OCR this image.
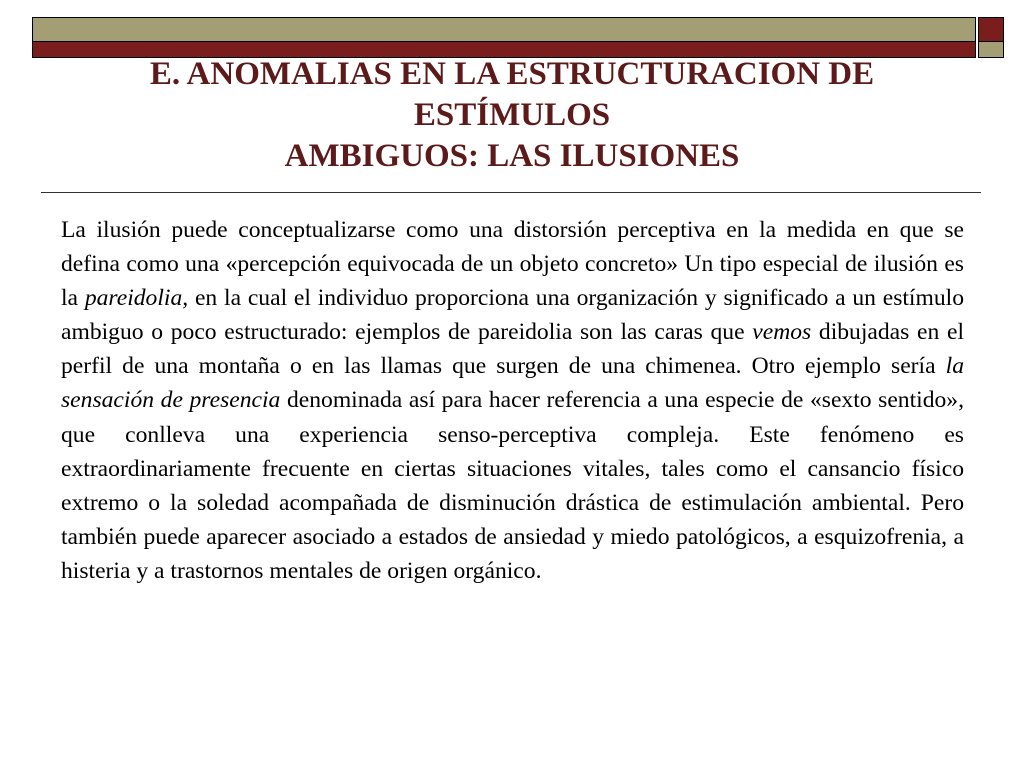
E. ANOMALIAS EN LA ESTRUCTURACION DE
ESTÍMULOS
AMBIGUOS: LAS ILUSIONES

La ilusión puede conceptualizarse como una distorsión perceptiva en la medida en que se defina como una «percepción equivocada de un objeto concreto» Un tipo especial de ilusión es la pareidolia, en la cual el individuo proporciona una organización y significado a un estímulo ambiguo o poco estructurado: ejemplos de pareidolia son las caras que vemos dibujadas en el perfil de una montaña o en las llamas que surgen de una chimenea. Otro ejemplo sería la sensación de presencia denominada así para hacer referencia a una especie de «sexto sentido», que conlleva una experiencia senso-perceptiva compleja. Este fenómeno es extraordinariamente frecuente en ciertas situaciones vitales, tales como el cansancio físico extremo o la soledad acompañada de disminución drástica de estimulación ambiental. Pero también puede aparecer asociado a estados de ansiedad y miedo patológicos, a esquizofrenia, a histeria y a trastornos mentales de origen orgánico.
